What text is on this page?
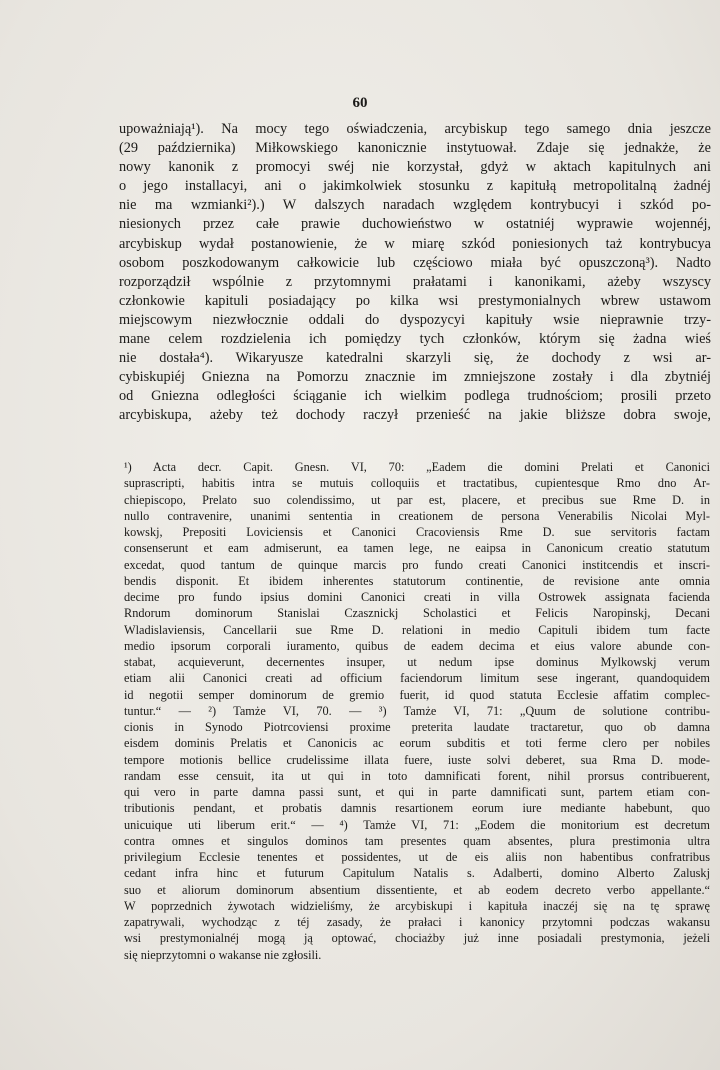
60
upoważniają¹). Na mocy tego oświadczenia, arcybiskup tego samego dnia jeszcze
(29 października) Miłkowskiego kanonicznie instytuował. Zdaje się jednakże, że
nowy kanonik z promocyi swéj nie korzystał, gdyż w aktach kapitulnych ani
o jego installacyi, ani o jakimkolwiek stosunku z kapitułą metropolitalną żadnéj
nie ma wzmianki²).) W dalszych naradach względem kontrybucyi i szkód po-
niesionych przez całe prawie duchowieństwo w ostatniéj wyprawie wojennéj,
arcybiskup wydał postanowienie, że w miarę szkód poniesionych taż kontrybucya
osobom poszkodowanym całkowicie lub częściowo miała być opuszczoną³). Nadto
rozporządził wspólnie z przytomnymi prałatami i kanonikami, ażeby wszyscy
członkowie kapituli posiadający po kilka wsi prestymonialnych wbrew ustawom
miejscowym niezwłocznie oddali do dyspozycyi kapituły wsie nieprawnie trzy-
mane celem rozdzielenia ich pomiędzy tych członków, którym się żadna wieś
nie dostała⁴). Wikaryusze katedralni skarzyli się, że dochody z wsi ar-
cybiskupiéj Gniezna na Pomorzu znacznie im zmniejszone zostały i dla zbytniéj
od Gniezna odległości ściąganie ich wielkim podlega trudnościom; prosili przeto
arcybiskupa, ażeby też dochody raczył przenieść na jakie bliższe dobra swoje,
¹) Acta decr. Capit. Gnesn. VI, 70: „Eadem die domini Prelati et Canonici
suprascripti, habitis intra se mutuis colloquiis et tractatibus, cupientesque Rmo dno Ar-
chiepiscopo, Prelato suo colendissimo, ut par est, placere, et precibus sue Rme D. in
nullo contravenire, unanimi sententia in creationem de persona Venerabilis Nicolai Myl-
kowskj, Prepositi Loviciensis et Canonici Cracoviensis Rme D. sue servitoris factam
consenserunt et eam admiserunt, ea tamen lege, ne eaipsa in Canonicum creatio statutum
excedat, quod tantum de quinque marcis pro fundo creati Canonici institcendis et inscri-
bendis disponit. Et ibidem inherentes statutorum continentie, de revisione ante omnia
decime pro fundo ipsius domini Canonici creati in villa Ostrowek assignata facienda
Rndorum dominorum Stanislai Czasznickj Scholastici et Felicis Naropinskj, Decani
Wladislaviensis, Cancellarii sue Rme D. relationi in medio Capituli ibidem tum facte
medio ipsorum corporali iuramento, quibus de eadem decima et eius valore abunde con-
stabat, acquieverunt, decernentes insuper, ut nedum ipse dominus Mylkowskj verum
etiam alii Canonici creati ad officium faciendorum limitum sese ingerant, quandoquidem
id negotii semper dominorum de gremio fuerit, id quod statuta Ecclesie affatim complec-
tuntur.“ — ²) Tamże VI, 70. — ³) Tamże VI, 71: „Quum de solutione contribu-
cionis in Synodo Piotrcoviensi proxime preterita laudate tractaretur, quo ob damna
eisdem dominis Prelatis et Canonicis ac eorum subditis et toti ferme clero per nobiles
tempore motionis bellice crudelissime illata fuere, iuste solvi deberet, sua Rma D. mode-
randam esse censuit, ita ut qui in toto damnificati forent, nihil prorsus contribuerent,
qui vero in parte damna passi sunt, et qui in parte damnificati sunt, partem etiam con-
tributionis pendant, et probatis damnis resartionem eorum iure mediante habebunt, quo
unicuique uti liberum erit.“ — ⁴) Tamże VI, 71: „Eodem die monitorium est decretum
contra omnes et singulos dominos tam presentes quam absentes, plura prestimonia ultra
privilegium Ecclesie tenentes et possidentes, ut de eis aliis non habentibus confratribus
cedant infra hinc et futurum Capitulum Natalis s. Adalberti, domino Alberto Zaluskj
suo et aliorum dominorum absentium dissentiente, et ab eodem decreto verbo appellante.“
W poprzednich żywotach widzieliśmy, że arcybiskupi i kapituła inaczéj się na tę sprawę
zapatrywali, wychodząc z téj zasady, że prałaci i kanonicy przytomni podczas wakansu
wsi prestymonialnéj mogą ją optować, chociażby już inne posiadali prestymonia, jeżeli
się nieprzytomni o wakanse nie zgłosili.
